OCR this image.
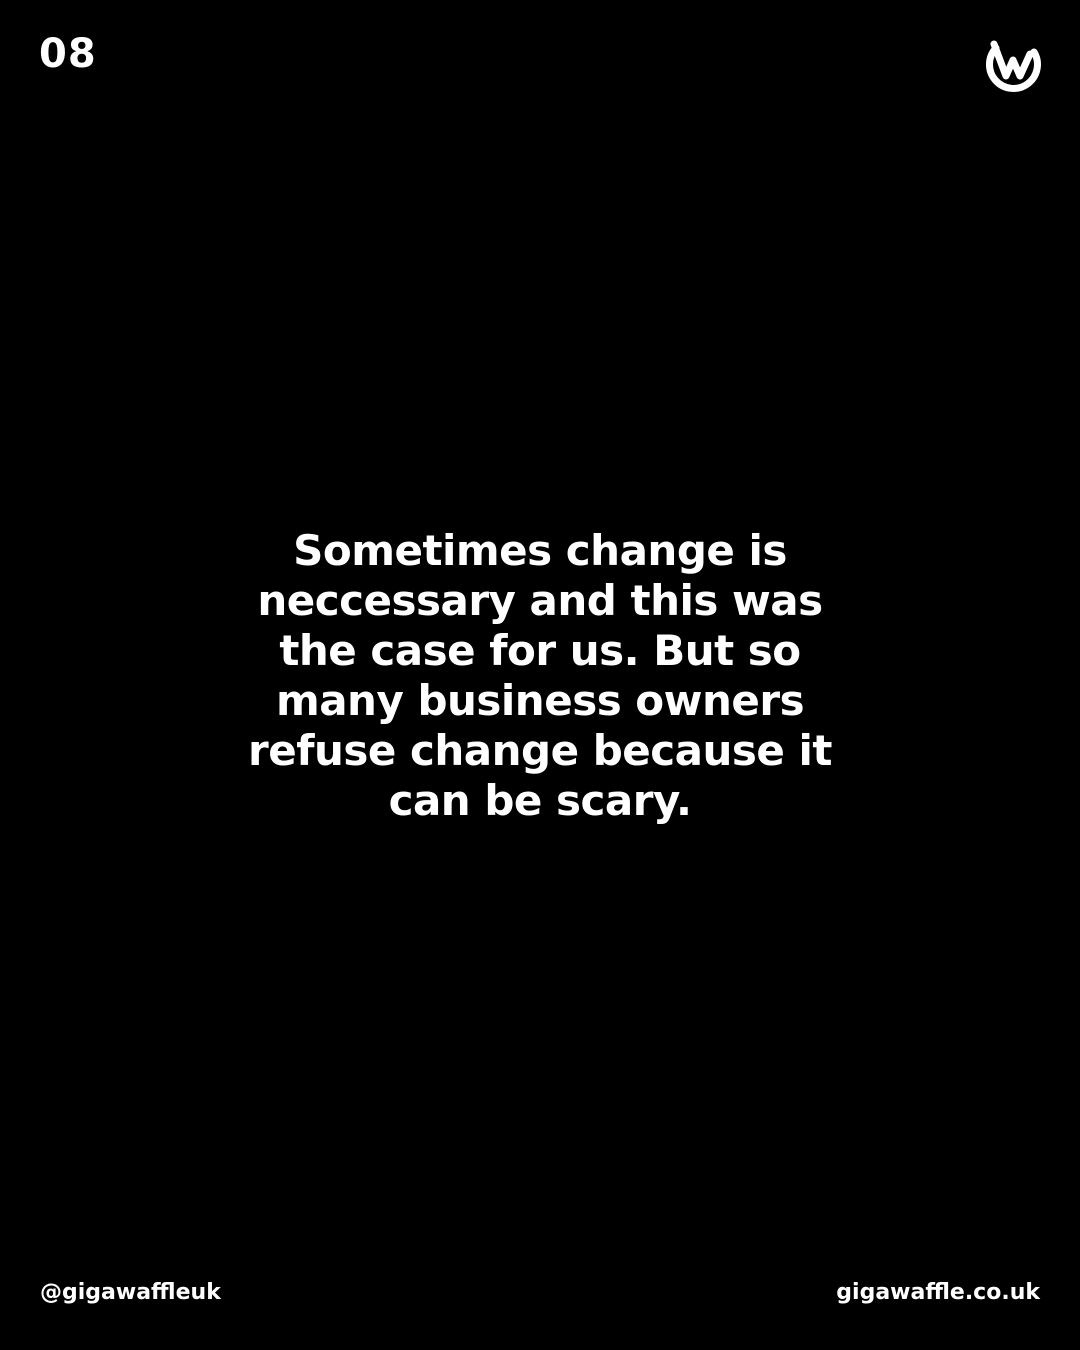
08
Sometimes change is
neccessary and this was
the case for us. But so
many business owners
refuse change because it
can be scary.
@gigawaffleuk	gigawaffle.co.uk
